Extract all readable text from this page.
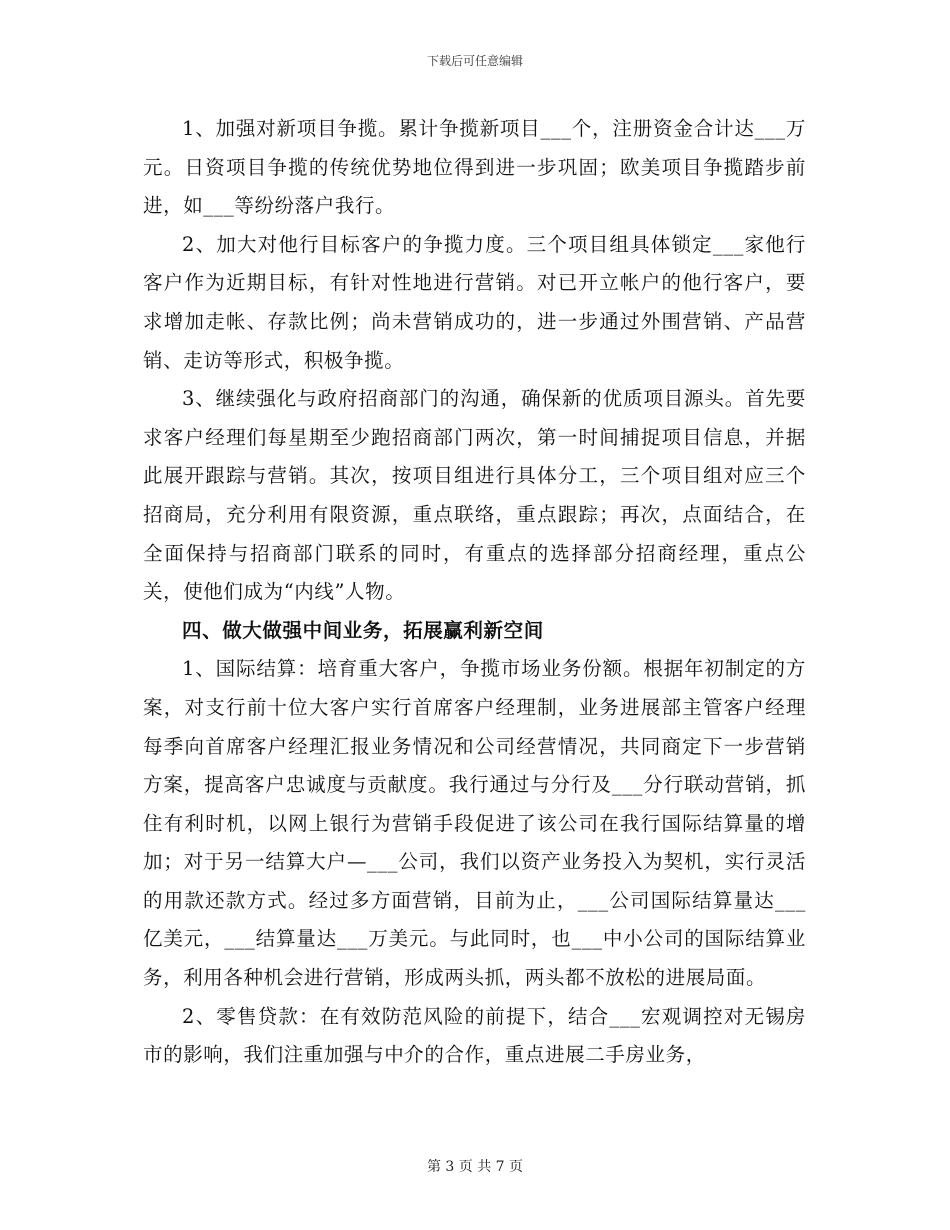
下载后可任意编辑

1、加强对新项目争揽。累计争揽新项目___个，注册资金合计达___万元。日资项目争揽的传统优势地位得到进一步巩固；欧美项目争揽踏步前进，如___等纷纷落户我行。

2、加大对他行目标客户的争揽力度。三个项目组具体锁定___家他行客户作为近期目标，有针对性地进行营销。对已开立帐户的他行客户，要求增加走帐、存款比例；尚未营销成功的，进一步通过外围营销、产品营销、走访等形式，积极争揽。

3、继续强化与政府招商部门的沟通，确保新的优质项目源头。首先要求客户经理们每星期至少跑招商部门两次，第一时间捕捉项目信息，并据此展开跟踪与营销。其次，按项目组进行具体分工，三个项目组对应三个招商局，充分利用有限资源，重点联络，重点跟踪；再次，点面结合，在全面保持与招商部门联系的同时，有重点的选择部分招商经理，重点公关，使他们成为“内线”人物。

四、做大做强中间业务，拓展赢利新空间

1、国际结算：培育重大客户，争揽市场业务份额。根据年初制定的方案，对支行前十位大客户实行首席客户经理制，业务进展部主管客户经理每季向首席客户经理汇报业务情况和公司经营情况，共同商定下一步营销方案，提高客户忠诚度与贡献度。我行通过与分行及___分行联动营销，抓住有利时机，以网上银行为营销手段促进了该公司在我行国际结算量的增加；对于另一结算大户—___公司，我们以资产业务投入为契机，实行灵活的用款还款方式。经过多方面营销，目前为止，___公司国际结算量达___亿美元，___结算量达___万美元。与此同时，也___中小公司的国际结算业务，利用各种机会进行营销，形成两头抓，两头都不放松的进展局面。

2、零售贷款：在有效防范风险的前提下，结合___宏观调控对无锡房市的影响，我们注重加强与中介的合作，重点进展二手房业务，

第 3 页 共 7 页
